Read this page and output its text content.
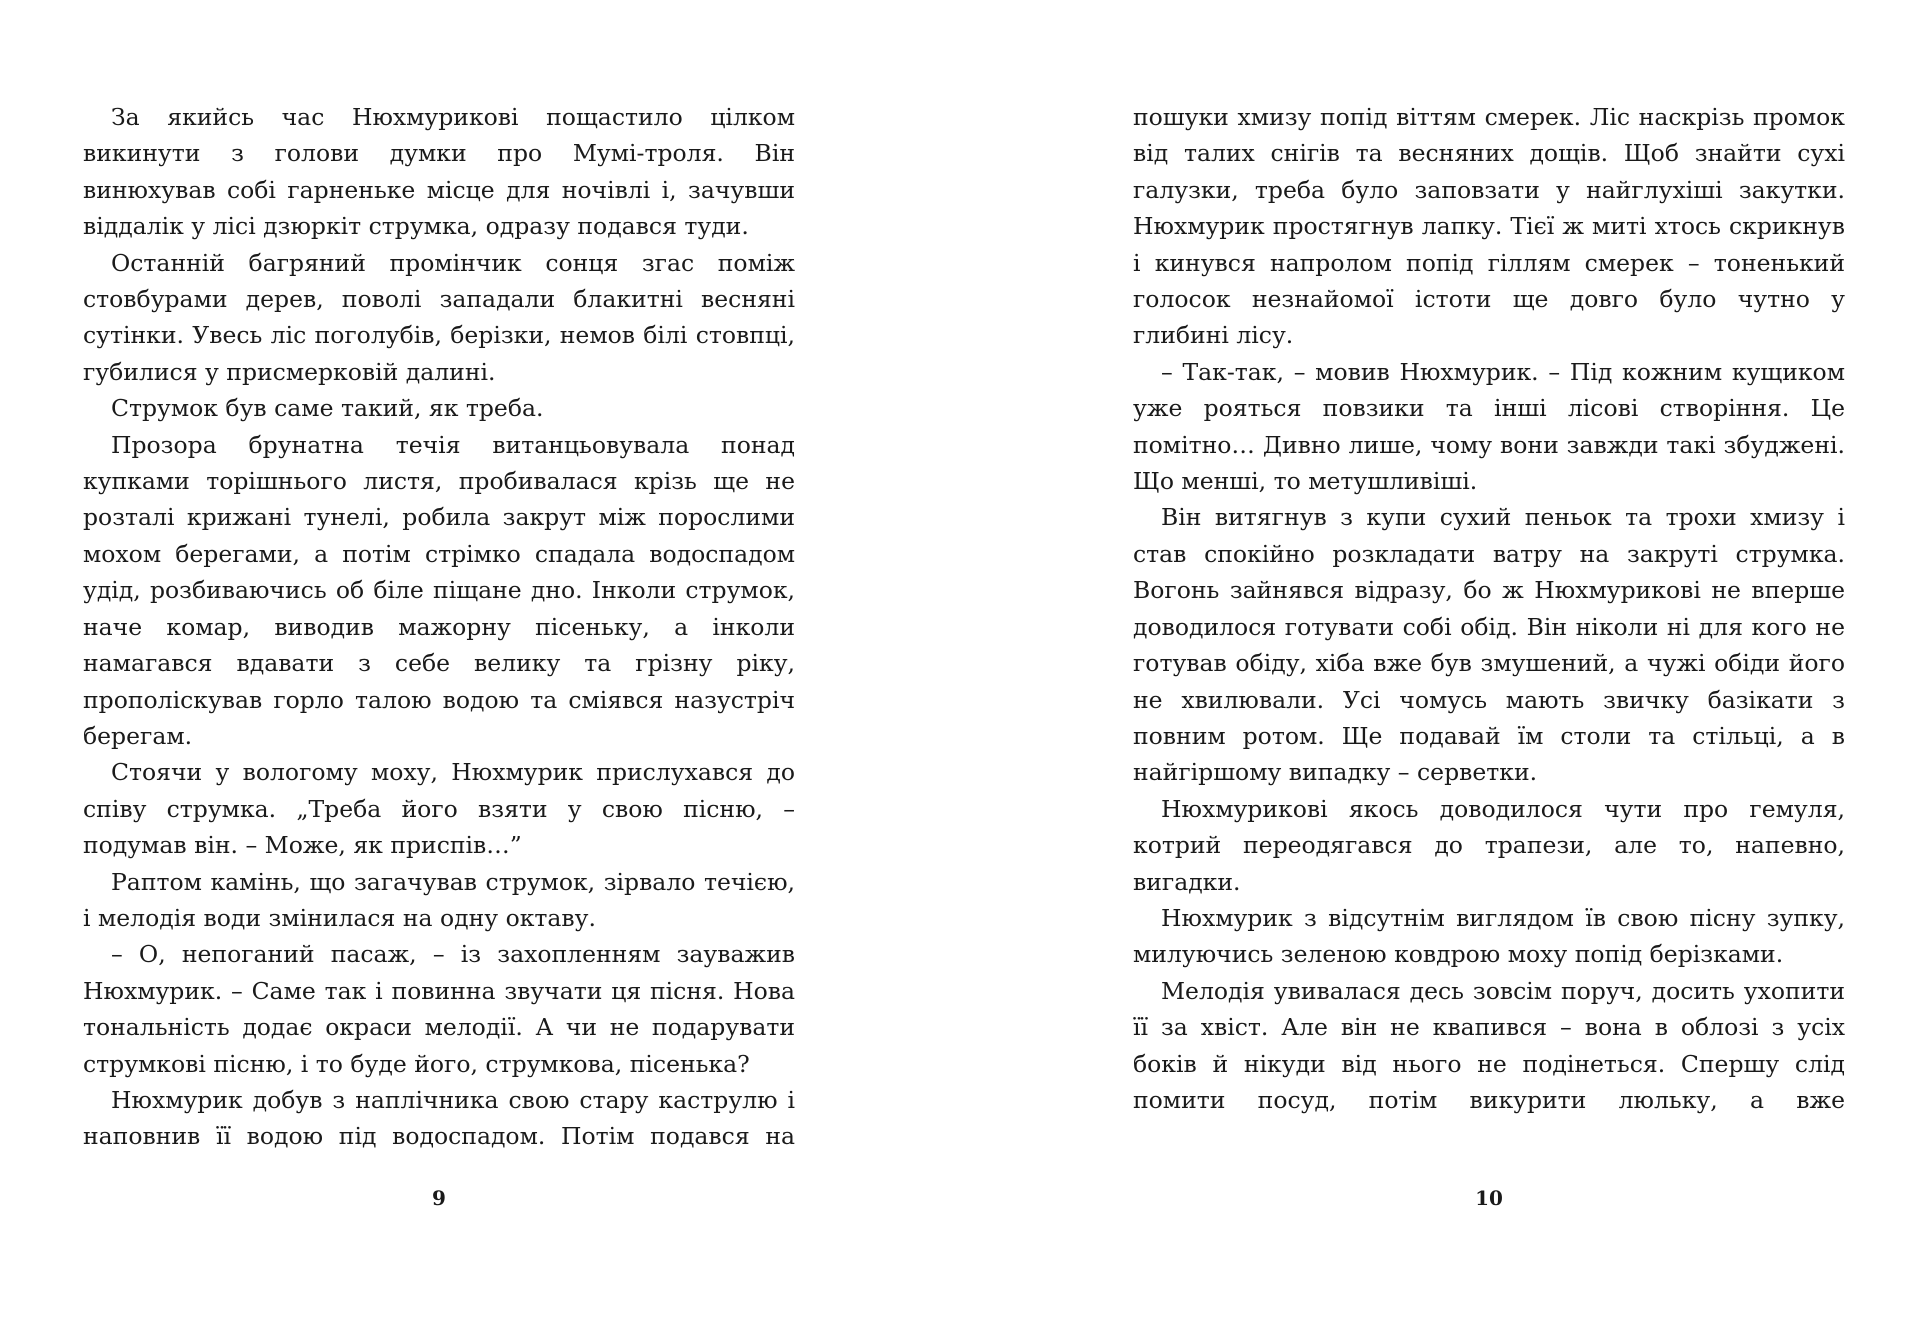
За якийсь час Нюхмурикові пощастило цілком викинути з голови думки про Мумі-троля. Він винюхував собі гарненьке місце для ночівлі і, зачувши віддалік у лісі дзюркіт струмка, одразу подався туди.

Останній багряний промінчик сонця згас поміж стовбурами дерев, поволі западали блакитні весняні сутінки. Увесь ліс поголубів, берізки, немов білі стовпці, губилися у присмерковій далині.

Струмок був саме такий, як треба.

Прозора брунатна течія витанцьовувала понад купками торішнього листя, пробивалася крізь ще не розталі крижані тунелі, робила закрут між порослими мохом берегами, а потім стрімко спадала водоспадом удід, розбиваючись об біле піщане дно. Інколи струмок, наче комар, виводив мажорну пісеньку, а інколи намагався вдавати з себе велику та грізну ріку, прополіскував горло талою водою та сміявся назустріч берегам.

Стоячи у вологому моху, Нюхмурик прислухався до співу струмка. „Треба його взяти у свою пісню, – подумав він. – Може, як приспів…”

Раптом камінь, що загачував струмок, зірвало течією, і мелодія води змінилася на одну октаву.

– О, непоганий пасаж, – із захопленням зауважив Нюхмурик. – Саме так і повинна звучати ця пісня. Нова тональність додає окраси мелодії. А чи не подарувати струмкові пісню, і то буде його, струмкова, пісенька?

Нюхмурик добув з наплічника свою стару каструлю і наповнив її водою під водоспадом. Потім подався на

9

пошуки хмизу попід віттям смерек. Ліс наскрізь промок від талих снігів та весняних дощів. Щоб знайти сухі галузки, треба було заповзати у найглухіші закутки. Нюхмурик простягнув лапку. Тієї ж миті хтось скрикнув і кинувся напролом попід гіллям смерек – тоненький голосок незнайомої істоти ще довго було чутно у глибині лісу.

– Так-так, – мовив Нюхмурик. – Під кожним кущиком уже рояться повзики та інші лісові створіння. Це помітно… Дивно лише, чому вони завжди такі збуджені. Що менші, то метушливіші.

Він витягнув з купи сухий пеньок та трохи хмизу і став спокійно розкладати ватру на закруті струмка. Вогонь зайнявся відразу, бо ж Нюхмурикові не вперше доводилося готувати собі обід. Він ніколи ні для кого не готував обіду, хіба вже був змушений, а чужі обіди його не хвилювали. Усі чомусь мають звичку базікати з повним ротом. Ще подавай їм столи та стільці, а в найгіршому випадку – серветки.

Нюхмурикові якось доводилося чути про гемуля, котрий переодягався до трапези, але то, напевно, вигадки.

Нюхмурик з відсутнім виглядом їв свою пісну зупку, милуючись зеленою ковдрою моху попід берізками.

Мелодія увивалася десь зовсім поруч, досить ухопити її за хвіст. Але він не квапився – вона в облозі з усіх боків й нікуди від нього не подінеться. Спершу слід помити посуд, потім викурити люльку, а вже

10
